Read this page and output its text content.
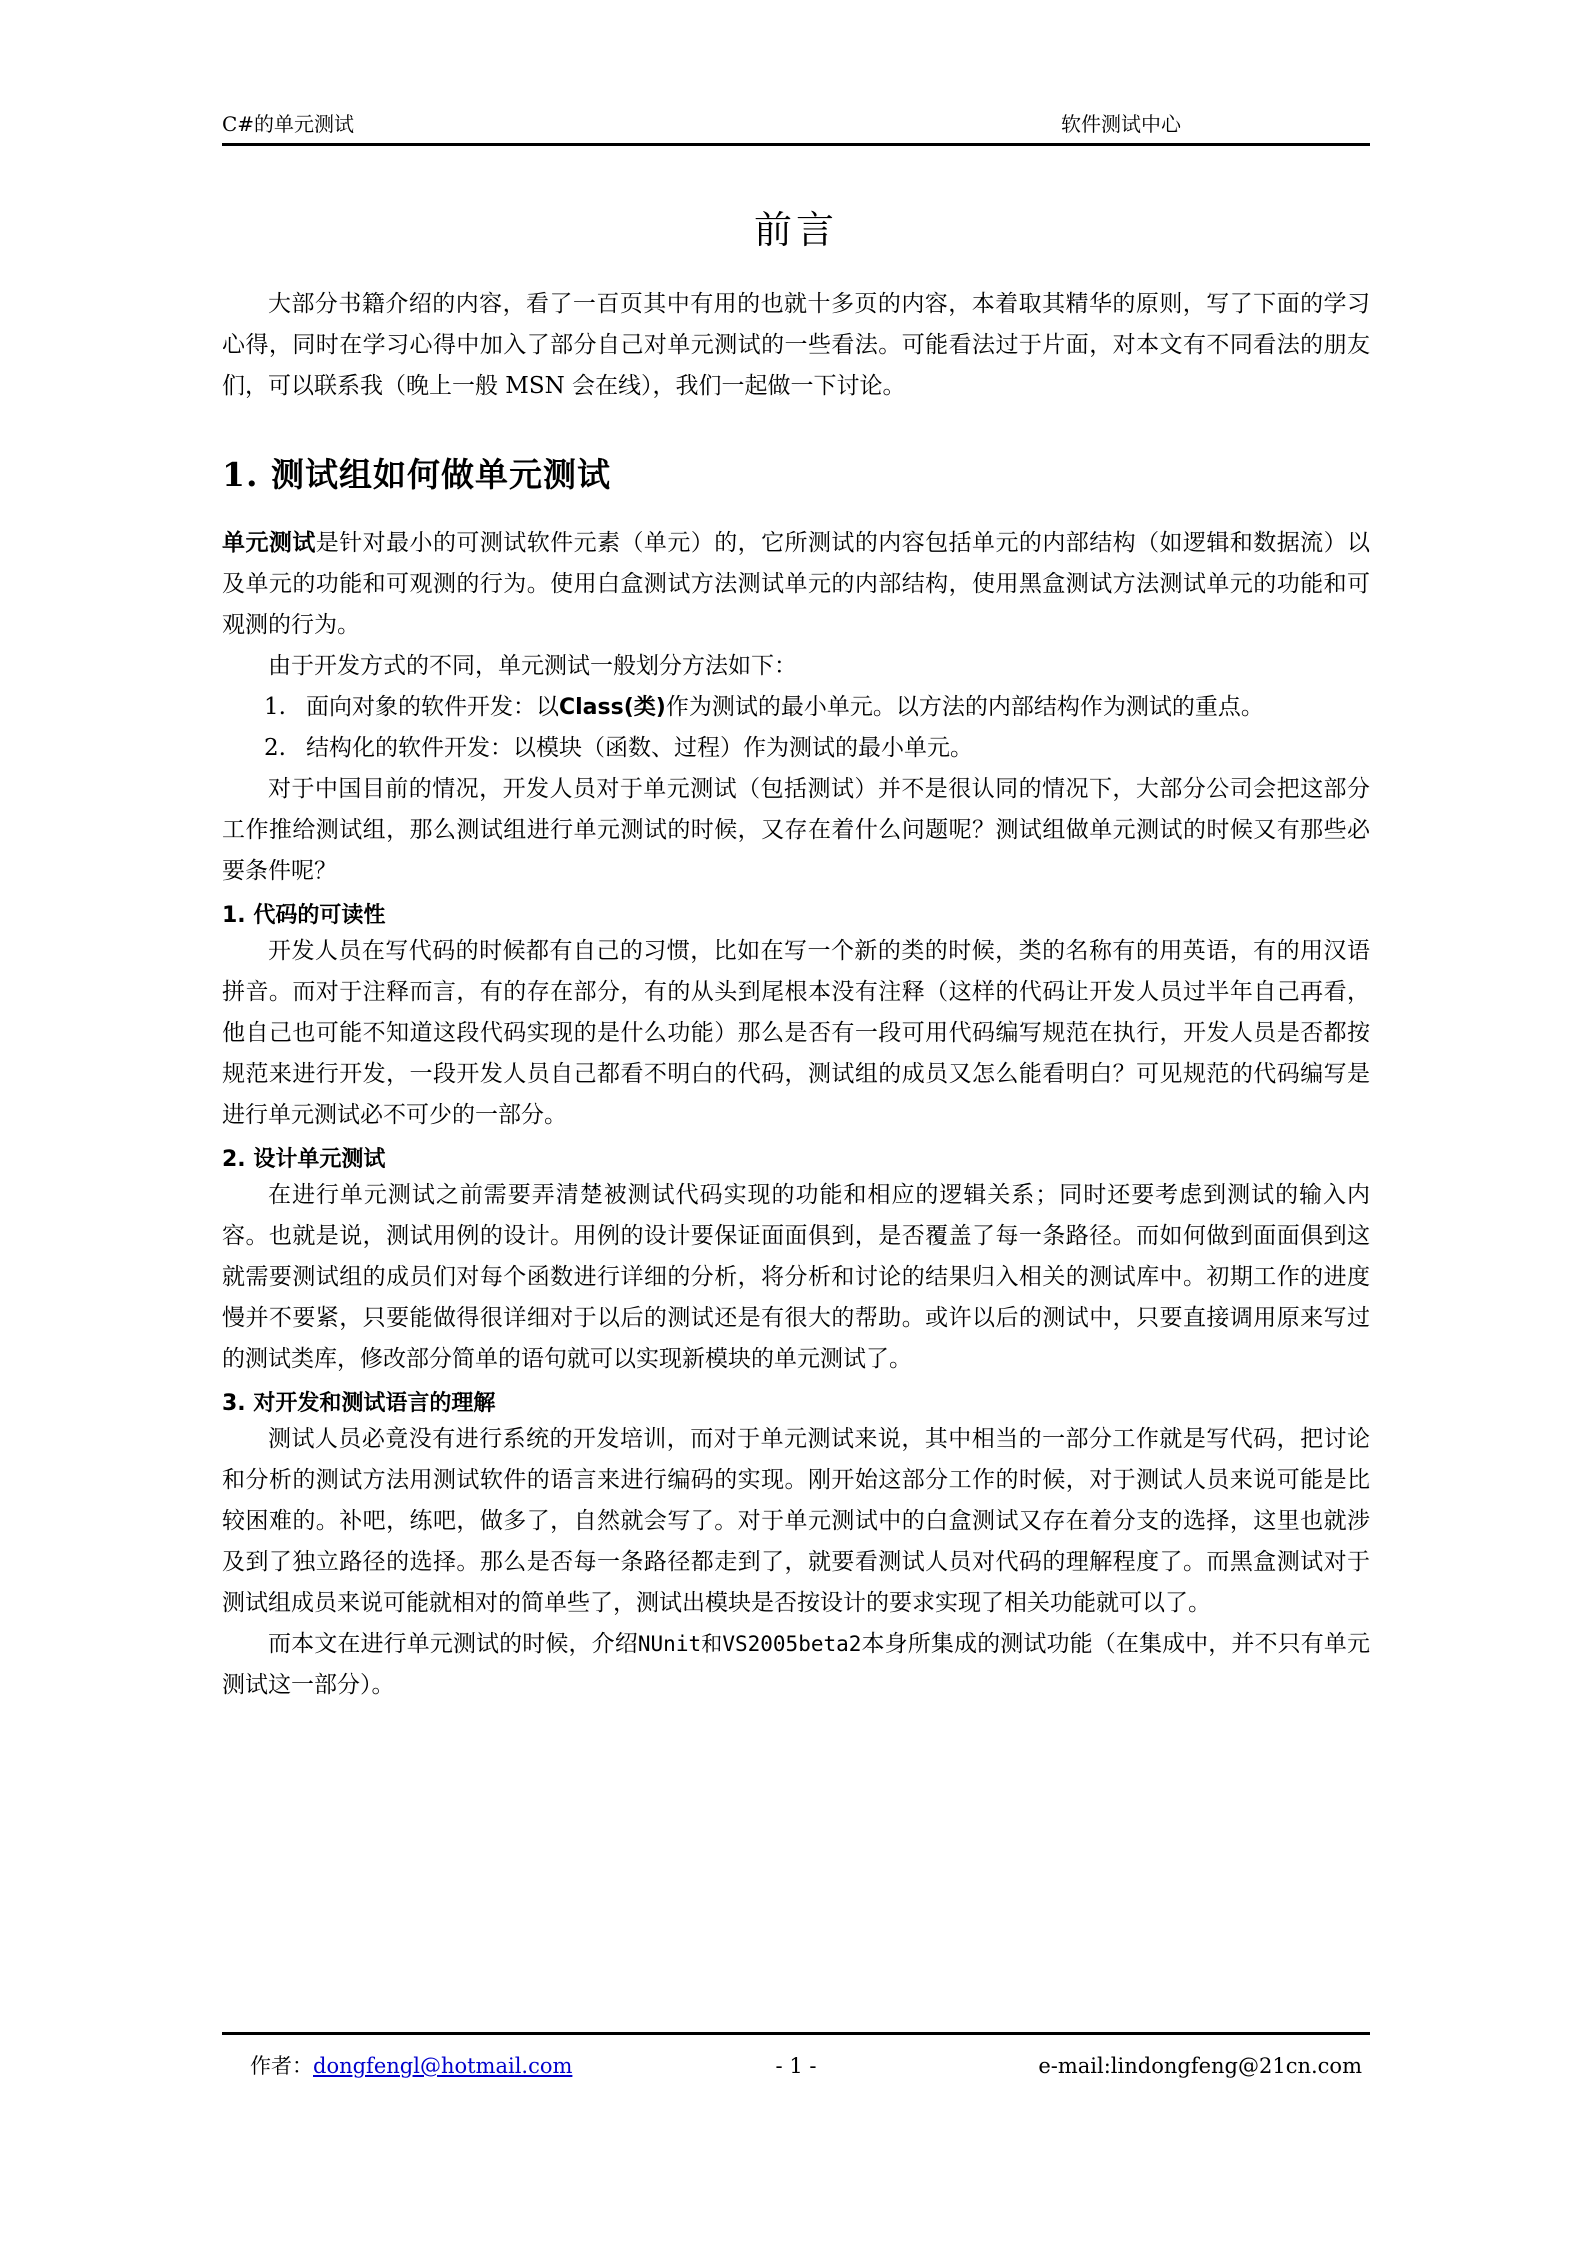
C#的单元测试	软件测试中心
前言

大部分书籍介绍的内容，看了一百页其中有用的也就十多页的内容，本着取其精华的原则，写了下面的学习心得，同时在学习心得中加入了部分自己对单元测试的一些看法。可能看法过于片面，对本文有不同看法的朋友们，可以联系我（晚上一般 MSN 会在线），我们一起做一下讨论。

1. 测试组如何做单元测试

单元测试是针对最小的可测试软件元素（单元）的，它所测试的内容包括单元的内部结构（如逻辑和数据流）以及单元的功能和可观测的行为。使用白盒测试方法测试单元的内部结构，使用黑盒测试方法测试单元的功能和可观测的行为。

由于开发方式的不同，单元测试一般划分方法如下：

1. 面向对象的软件开发：以Class(类)作为测试的最小单元。以方法的内部结构作为测试的重点。
2. 结构化的软件开发：以模块（函数、过程）作为测试的最小单元。

对于中国目前的情况，开发人员对于单元测试（包括测试）并不是很认同的情况下，大部分公司会把这部分工作推给测试组，那么测试组进行单元测试的时候，又存在着什么问题呢？测试组做单元测试的时候又有那些必要条件呢？

1. 代码的可读性

开发人员在写代码的时候都有自己的习惯，比如在写一个新的类的时候，类的名称有的用英语，有的用汉语拼音。而对于注释而言，有的存在部分，有的从头到尾根本没有注释（这样的代码让开发人员过半年自己再看，他自己也可能不知道这段代码实现的是什么功能）那么是否有一段可用代码编写规范在执行，开发人员是否都按规范来进行开发，一段开发人员自己都看不明白的代码，测试组的成员又怎么能看明白？可见规范的代码编写是进行单元测试必不可少的一部分。

2. 设计单元测试

在进行单元测试之前需要弄清楚被测试代码实现的功能和相应的逻辑关系；同时还要考虑到测试的输入内容。也就是说，测试用例的设计。用例的设计要保证面面俱到，是否覆盖了每一条路径。而如何做到面面俱到这就需要测试组的成员们对每个函数进行详细的分析，将分析和讨论的结果归入相关的测试库中。初期工作的进度慢并不要紧，只要能做得很详细对于以后的测试还是有很大的帮助。或许以后的测试中，只要直接调用原来写过的测试类库，修改部分简单的语句就可以实现新模块的单元测试了。

3. 对开发和测试语言的理解

测试人员必竟没有进行系统的开发培训，而对于单元测试来说，其中相当的一部分工作就是写代码，把讨论和分析的测试方法用测试软件的语言来进行编码的实现。刚开始这部分工作的时候，对于测试人员来说可能是比较困难的。补吧，练吧，做多了，自然就会写了。对于单元测试中的白盒测试又存在着分支的选择，这里也就涉及到了独立路径的选择。那么是否每一条路径都走到了，就要看测试人员对代码的理解程度了。而黑盒测试对于测试组成员来说可能就相对的简单些了，测试出模块是否按设计的要求实现了相关功能就可以了。

而本文在进行单元测试的时候，介绍NUnit和VS2005beta2本身所集成的测试功能（在集成中，并不只有单元测试这一部分）。

作者：dongfengl@hotmail.com	- 1 -	e-mail:lindongfeng@21cn.com
